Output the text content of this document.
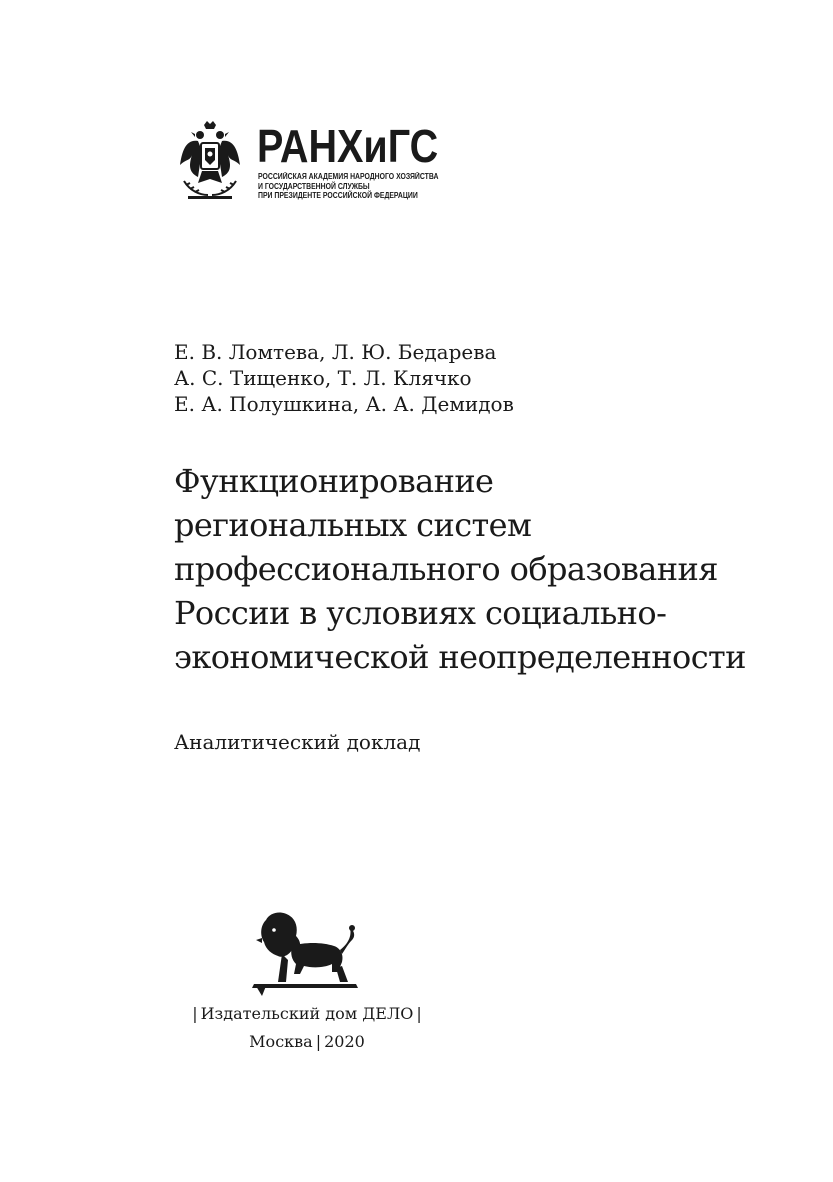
РАНХиГС
РОССИЙСКАЯ АКАДЕМИЯ НАРОДНОГО ХОЗЯЙСТВА
И ГОСУДАРСТВЕННОЙ СЛУЖБЫ
ПРИ ПРЕЗИДЕНТЕ РОССИЙСКОЙ ФЕДЕРАЦИИ
Е. В. Ломтева, Л. Ю. Бедарева
А. С. Тищенко, Т. Л. Клячко
Е. А. Полушкина, А. А. Демидов
Функционирование
региональных систем
профессионального образования
России в условиях социально-
экономической неопределенности
Аналитический доклад
| Издательский дом ДЕЛО |
Москва | 2020
